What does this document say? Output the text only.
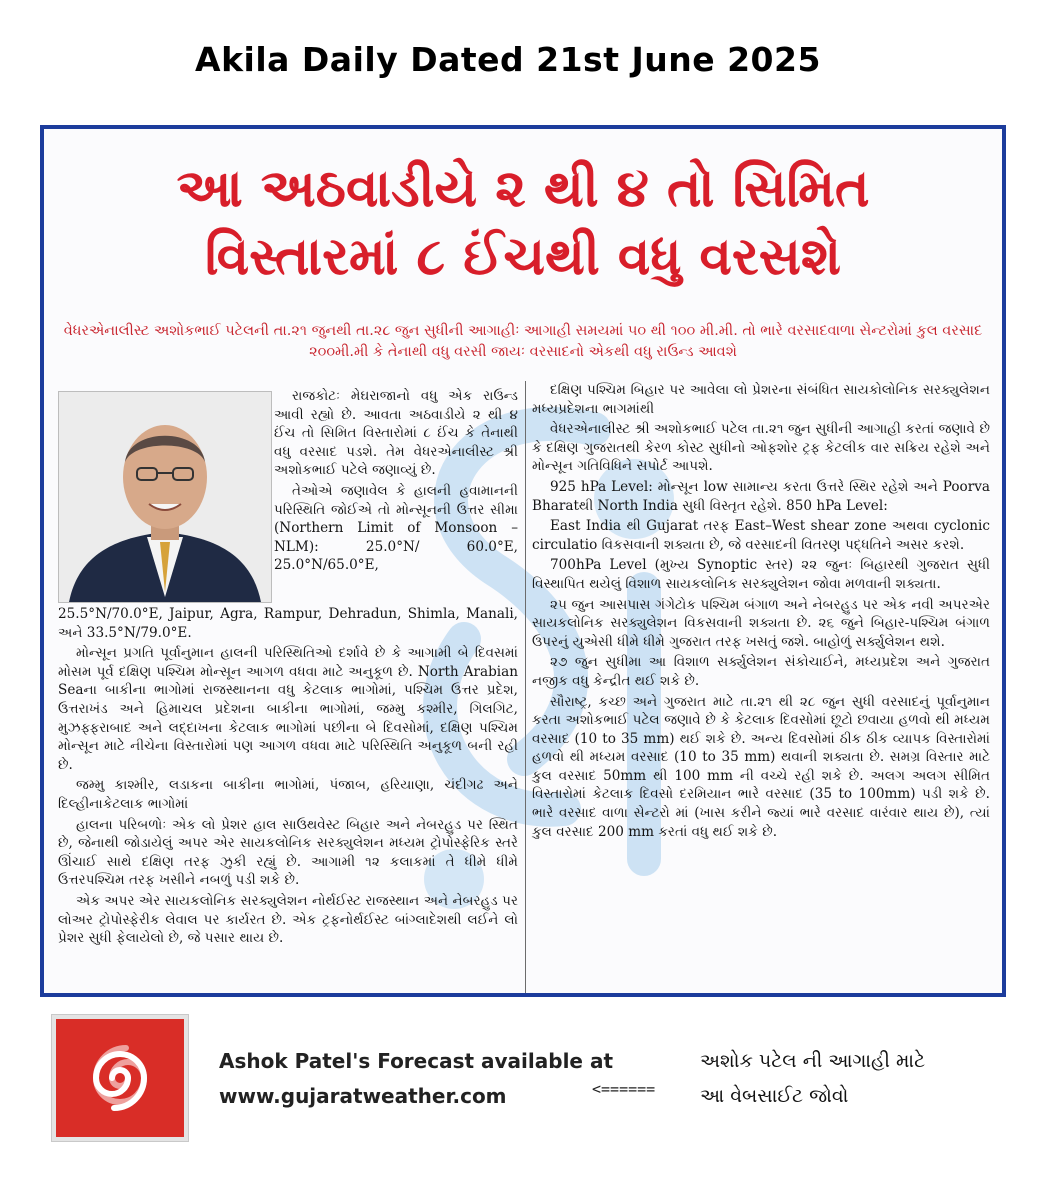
Akila Daily Dated 21st June 2025
આ અઠવાડીયે ૨ થી ૪ તો સિમિત
વિસ્તારમાં ૮ ઈંચથી વધુ વરસશે
વેધરએનાલીસ્ટ અશોકભાઈ પટેલની તા.૨૧ જુનથી તા.૨૮ જુન સુધીની આગાહીઃ આગાહી સમયમાં ૫૦ થી ૧૦૦ મી.મી. તો ભારે વરસાદવાળા સેન્ટરોમાં કુલ વરસાદ ૨૦૦મી.મી કે તેનાથી વધુ વરસી જાયઃ વરસાદનો એકથી વધુ રાઉન્ડ આવશે

રાજકોટઃ મેઘરાજાનો વધુ એક રાઉન્ડ આવી રહ્યો છે. આવતા અઠવાડીયે ૨ થી ૪ ઈંચ તો સિમિત વિસ્તારોમાં ૮ ઈંચ કે તેનાથી વધુ વરસાદ પડશે. તેમ વેધરએનાલીસ્ટ શ્રી અશોકભાઈ પટેલે જણાવ્યું છે.

તેઓએ જણાવેલ કે હાલની હવામાનની પરિસ્થિતિ જોઈએ તો મોન્સૂનની ઉત્તર સીમા (Northern Limit of Monsoon – NLM): 25.0°N/ 60.0°E, 25.0°N/65.0°E,

25.5°N/70.0°E, Jaipur, Agra, Rampur, Dehradun, Shimla, Manali, અને 33.5°N/79.0°E.

મોન્સૂન પ્રગતિ પૂર્વાનુમાન હાલની પરિસ્થિતિઓ દર્શાવે છે કે આગામી બે દિવસમાં મોસમ પૂર્વ દક્ષિણ પશ્ચિમ મોન્સૂન આગળ વધવા માટે અનુકૂળ છે. North Arabian Seaના બાકીના ભાગોમાં રાજસ્થાનના વધુ કેટલાક ભાગોમાં, પશ્ચિમ ઉત્તર પ્રદેશ, ઉત્તરાખંડ અને હિમાચલ પ્રદેશના બાકીના ભાગોમાં, જમ્મુ કશ્મીર, ગિલગિટ, મુઝફ્ફરાબાદ અને લદ્દાખના કેટલાક ભાગોમાં પછીના બે દિવસોમાં, દક્ષિણ પશ્ચિમ મોન્સૂન માટે નીચેના વિસ્તારોમાં પણ આગળ વધવા માટે પરિસ્થિતિ અનુકૂળ બની રહી છે.

જમ્મુ કાશ્મીર, લડાકના બાકીના ભાગોમાં, પંજાબ, હરિયાણા, ચંદીગઢ અને દિલ્હીનાકેટલાક ભાગોમાં

હાલના પરિબળોઃ એક લો પ્રેશર હાલ સાઉથવેસ્ટ બિહાર અને નેબરહુડ પર સ્થિત છે, જેનાથી જોડાયેલું અપર એર સાયકલોનિક સરક્યુલેશન મધ્યમ ટ્રોપોસ્ફેરિક સ્તરે ઊંચાઈ સાથે દક્ષિણ તરફ ઝુકી રહ્યું છે. આગામી ૧૨ કલાકમાં તે ધીમે ધીમે ઉત્તરપશ્ચિમ તરફ ખસીને નબળું પડી શકે છે.

એક અપર એર સાયકલોનિક સરક્યુલેશન નોર્થઈસ્ટ રાજસ્થાન અને નેબરહુડ પર લોઅર ટ્રોપોસ્ફેરીક લેવાલ પર કાર્યરત છે. એક ટ્રફનોર્થઈસ્ટ બાંગ્લાદેશથી લઈને લો પ્રેશર સુધી ફેલાયેલો છે, જે પસાર થાય છે.

દક્ષિણ પશ્ચિમ બિહાર પર આવેલા લો પ્રેશરના સંબંધિત સાયકોલોનિક સરક્યુલેશન મધ્યપ્રદેશના ભાગમાંથી

વેધરએનાલીસ્ટ શ્રી અશોકભાઈ પટેલ તા.૨૧ જુન સુધીની આગાહી કરતાં જણાવે છે કે દક્ષિણ ગુજરાતથી કેરળ કોસ્ટ સુધીનો ઓફશોર ટ્રફ કેટલીક વાર સક્રિય રહેશે અને મોન્સૂન ગતિવિધિને સપોર્ટ આપશે.

925 hPa Level: મોન્સૂન low સામાન્ય કરતા ઉત્તરે સ્થિર રહેશે અને Poorva Bharatથી North India સુધી વિસ્તૃત રહેશે. 850 hPa Level:

East India થી Gujarat તરફ East–West shear zone અથવા cyclonic circulatio વિકસવાની શક્યતા છે, જે વરસાદની વિતરણ પદ્ધતિને અસર કરશે.

700hPa Level (મુખ્ય Synoptic સ્તર) ૨૨ જુનઃ બિહારથી ગુજરાત સુધી વિસ્થાપિત થયેલું વિશાળ સાયકલોનિક સરક્યુલેશન જોવા મળવાની શક્યતા.

૨૫ જુન આસપાસ ગંગેટોક પશ્ચિમ બંગાળ અને નેબરહુડ પર એક નવી અપરએર સાયકલોનિક સરક્યુલેશન વિકસવાની શક્યતા છે. ૨૬ જુને બિહાર-પશ્ચિમ બંગાળ ઉપરનું યુએસી ધીમે ધીમે ગુજરાત તરફ ખસતું જશે. બાહોળું સર્ક્યુલેશન થશે.

૨૭ જુન સુધીમા આ વિશાળ સર્ક્યુલેશન સંકોચાઈને, મધ્યપ્રદેશ અને ગુજરાત નજીક વધુ કેન્દ્રીત થઈ શકે છે.

સૌરાષ્ટ્ર, કચ્છ અને ગુજરાત માટે તા.૨૧ થી ૨૮ જુન સુધી વરસાદનું પૂર્વાનુમાન કરતા અશોકભાઈ પટેલ જણાવે છે કે કેટલાક દિવસોમાં છૂટો છવાયા હળવો થી મધ્યમ વરસાદ (10 to 35 mm) થઈ શકે છે. અન્ય દિવસોમાં ઠીક ઠીક વ્યાપક વિસ્તારોમાં હળવો થી મધ્યમ વરસાદ (10 to 35 mm) થવાની શક્યતા છે. સમગ્ર વિસ્તાર માટે કુલ વરસાદ 50mm થી 100 mm ની વચ્ચે રહી શકે છે. અલગ અલગ સીમિત વિસ્તારોમાં કેટલાક દિવસો દરમિયાન ભારે વરસાદ (35 to 100mm) પડી શકે છે. ભારે વરસાદ વાળા સેન્ટરો માં (ખાસ કરીને જ્યાં ભારે વરસાદ વારંવાર થાય છે), ત્યાં કુલ વરસાદ 200 mm કરતાં વધુ થઈ શકે છે.

Ashok Patel's Forecast available at
www.gujaratweather.com	<======
અશોક પટેલ ની આગાહી માટે
આ વેબસાઈટ જોવો
